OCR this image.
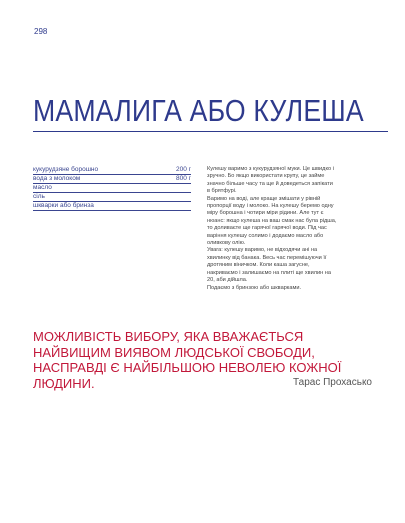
298
МАМАЛИГА АБО КУЛЕША
кукурудзяне борошно	200 г
вода з молоком	800 г
масло
сіль
шкварки або бринза

Кулешу варимо з кукурудзяної муки. Це швидко і зручно. Бо якщо використати крупу, це займе значно більше часу та ще й доведеться запікати в брятфурі.

Варимо на воді, але краще змішати у рівній пропорції воду і молоко. На кулешу беремо одну міру борошна і чотири міри рідини. Але тут є нюанс: якщо кулеша на ваш смак нас була рідша, то доливаєте ще гарячої гарячої води. Під час варіння кулешу солимо і додаємо масло або оливкову олію.

Увага: кулешу варимо, не відходячи ані на хвилинку від банака. Весь час перемішуючи її дротяним віничком. Коли каша загусне, накриваємо і залишаємо на плиті ще хвилин на 20, аби дійшла.

Подаємо з бринзою або шкварками.

МОЖЛИВІСТЬ ВИБОРУ, ЯКА ВВАЖАЄТЬСЯ НАЙВИЩИМ ВИЯВОМ ЛЮДСЬКОЇ СВОБОДИ, НАСПРАВДІ Є НАЙБІЛЬШОЮ НЕВОЛЕЮ КОЖНОЇ ЛЮДИНИ.	Тарас Прохасько
